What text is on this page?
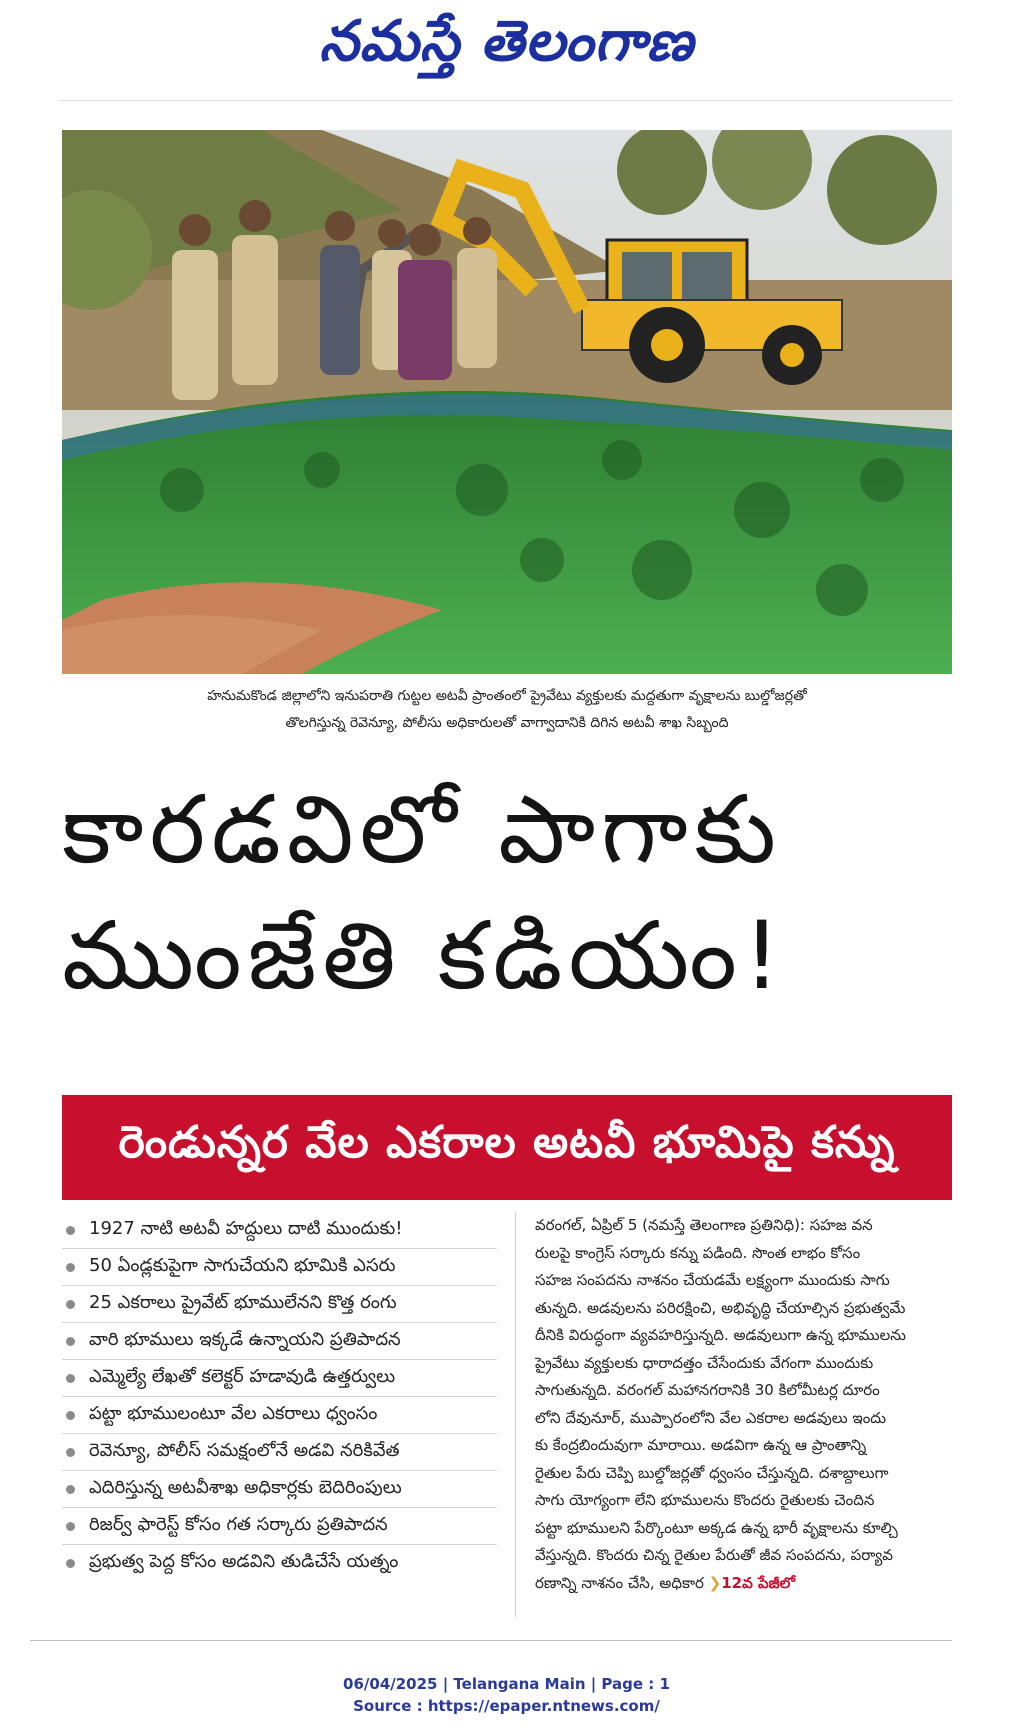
నమస్తే తెలంగాణ
హనుమకొండ జిల్లాలోని ఇనుపరాతి గుట్టల అటవీ ప్రాంతంలో ప్రైవేటు వ్యక్తులకు మద్దతుగా వృక్షాలను బుల్డోజర్లతో
తొలగిస్తున్న రెవెన్యూ, పోలీసు అధికారులతో వాగ్వాదానికి దిగిన అటవీ శాఖ సిబ్బంది
కారడవిలో పాగాకు
ముంజేతి కడియం!
రెండున్నర వేల ఎకరాల అటవీ భూమిపై కన్ను
1927 నాటి అటవీ హద్దులు దాటి ముందుకు!
50 ఏండ్లకుపైగా సాగుచేయని భూమికి ఎసరు
25 ఎకరాలు ప్రైవేట్ భూములేనని కొత్త రంగు
వారి భూములు ఇక్కడే ఉన్నాయని ప్రతిపాదన
ఎమ్మెల్యే లేఖతో కలెక్టర్ హడావుడి ఉత్తర్వులు
పట్టా భూములంటూ వేల ఎకరాలు ధ్వంసం
రెవెన్యూ, పోలీస్ సమక్షంలోనే అడవి నరికివేత
ఎదిరిస్తున్న అటవీశాఖ అధికార్లకు బెదిరింపులు
రిజర్వ్ ఫారెస్ట్ కోసం గత సర్కారు ప్రతిపాదన
ప్రభుత్వ పెద్ద కోసం అడవిని తుడిచేసే యత్నం
వరంగల్, ఏప్రిల్ 5 (నమస్తే తెలంగాణ ప్రతినిధి): సహజ వన
రులపై కాంగ్రెస్ సర్కారు కన్ను పడింది. సొంత లాభం కోసం
సహజ సంపదను నాశనం చేయడమే లక్ష్యంగా ముందుకు సాగు
తున్నది. అడవులను పరిరక్షించి, అభివృద్ధి చేయాల్సిన ప్రభుత్వమే
దీనికి విరుద్ధంగా వ్యవహరిస్తున్నది. అడవులుగా ఉన్న భూములను
ప్రైవేటు వ్యక్తులకు ధారాదత్తం చేసేందుకు వేగంగా ముందుకు
సాగుతున్నది. వరంగల్ మహానగరానికి 30 కిలోమీటర్ల దూరం
లోని దేవునూర్, ముప్పారంలోని వేల ఎకరాల అడవులు ఇందు
కు కేంద్రబిందువుగా మారాయి. అడవిగా ఉన్న ఆ ప్రాంతాన్ని
రైతుల పేరు చెప్పి బుల్డోజర్లతో ధ్వంసం చేస్తున్నది. దశాబ్దాలుగా
సాగు యోగ్యంగా లేని భూములను కొందరు రైతులకు చెందిన
పట్టా భూములని పేర్కొంటూ అక్కడ ఉన్న భారీ వృక్షాలను కూల్చి
వేస్తున్నది. కొందరు చిన్న రైతుల పేరుతో జీవ సంపదను, పర్యావ
రణాన్ని నాశనం చేసి, అధికార ❯12వ పేజీలో
06/04/2025 | Telangana Main | Page : 1
Source : https://epaper.ntnews.com/
